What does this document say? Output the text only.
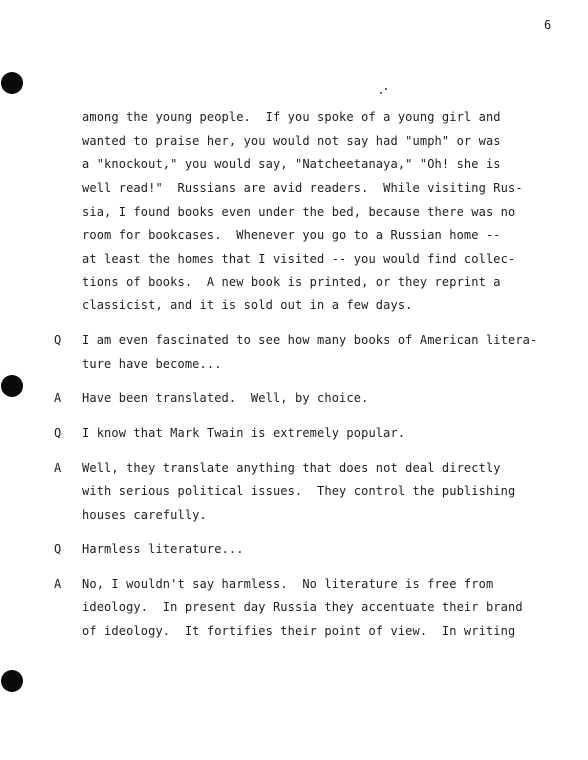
6
among the young people.  If you spoke of a young girl and
wanted to praise her, you would not say had "umph" or was
a "knockout," you would say, "Natcheetanaya," "Oh! she is
well read!"  Russians are avid readers.  While visiting Rus-
sia, I found books even under the bed, because there was no
room for bookcases.  Whenever you go to a Russian home --
at least the homes that I visited -- you would find collec-
tions of books.  A new book is printed, or they reprint a
classicist, and it is sold out in a few days.
Q I am even fascinated to see how many books of American litera-
ture have become...
A Have been translated.  Well, by choice.
Q I know that Mark Twain is extremely popular.
A Well, they translate anything that does not deal directly
with serious political issues.  They control the publishing
houses carefully.
Q Harmless literature...
A No, I wouldn't say harmless.  No literature is free from
ideology.  In present day Russia they accentuate their brand
of ideology.  It fortifies their point of view.  In writing
